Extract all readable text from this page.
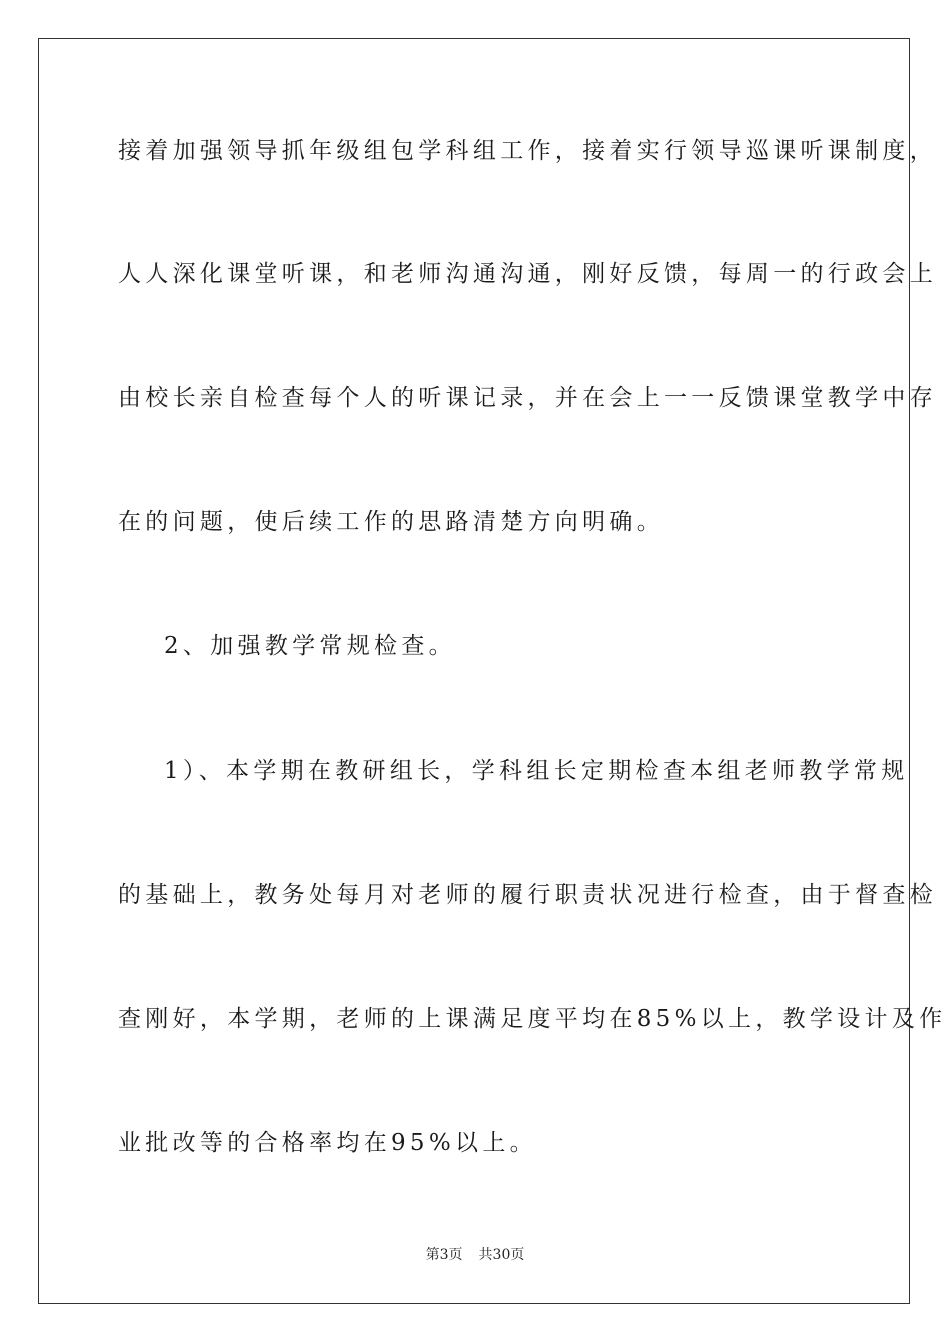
接着加强领导抓年级组包学科组工作，接着实行领导巡课听课制度，
人人深化课堂听课，和老师沟通沟通，刚好反馈，每周一的行政会上
由校长亲自检查每个人的听课记录，并在会上一一反馈课堂教学中存
在的问题，使后续工作的思路清楚方向明确。
2、加强教学常规检查。
1）、本学期在教研组长，学科组长定期检查本组老师教学常规
的基础上，教务处每月对老师的履行职责状况进行检查，由于督查检
查刚好，本学期，老师的上课满足度平均在85%以上，教学设计及作
业批改等的合格率均在95%以上。
第3页 共30页
